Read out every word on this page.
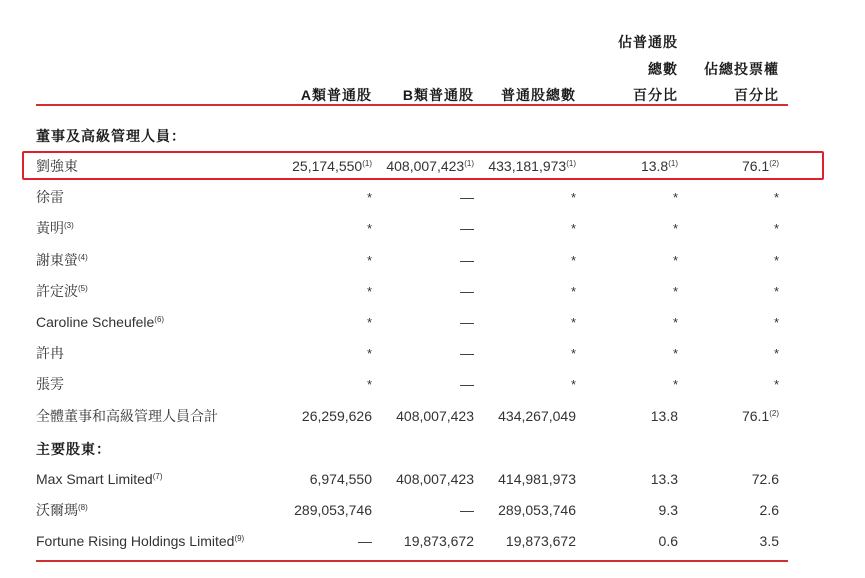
佔普通股
總數 佔總投票權
A類普通股 B類普通股 普通股總數	百分比	百分比
董事及高級管理人員：
劉強東	25,174,550$^{(1)}$ 408,007,423$^{(1)}$ 433,181,973$^{(1)}$	13.8$^{(1)}$	76.1$^{(2)}$
徐雷	*	—	*	*	*
黃明$^{(3)}$	*	—	*	*	*
謝東螢$^{(4)}$	*	—	*	*	*
許定波$^{(5)}$	*	—	*	*	*
Caroline Scheufele$^{(6)}$	*	—	*	*	*
許冉	*	—	*	*	*
張雱	*	—	*	*	*
全體董事和高級管理人員合計	26,259,626 408,007,423 434,267,049	13.8	76.1$^{(2)}$
主要股東：
Max Smart Limited$^{(7)}$	6,974,550 408,007,423 414,981,973	13.3	72.6
沃爾瑪$^{(8)}$	289,053,746	— 289,053,746	9.3	2.6
Fortune Rising Holdings Limited$^{(9)}$	— 19,873,672 19,873,672	0.6	3.5
